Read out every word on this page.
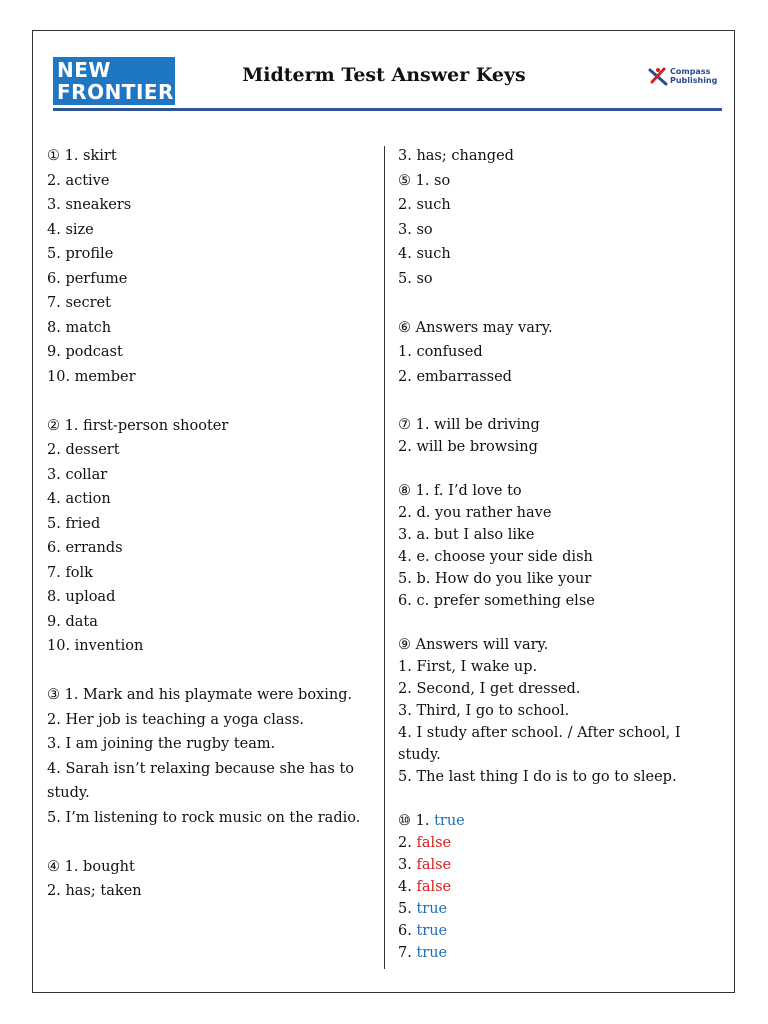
NEW
FRONTIERS
Midterm Test Answer Keys	Compass
Publishing
① 1. skirt
2. active
3. sneakers
4. size
5. profile
6. perfume
7. secret
8. match
9. podcast
10. member
② 1. first-person shooter
2. dessert
3. collar
4. action
5. fried
6. errands
7. folk
8. upload
9. data
10. invention
③ 1. Mark and his playmate were boxing.
2. Her job is teaching a yoga class.
3. I am joining the rugby team.
4. Sarah isn’t relaxing because she has to study.
5. I’m listening to rock music on the radio.
④ 1. bought
2. has; taken
3. has; changed
⑤ 1. so
2. such
3. so
4. such
5. so
⑥ Answers may vary.
1. confused
2. embarrassed
⑦ 1. will be driving
2. will be browsing
⑧ 1. f. I’d love to
2. d. you rather have
3. a. but I also like
4. e. choose your side dish
5. b. How do you like your
6. c. prefer something else
⑨ Answers will vary.
1. First, I wake up.
2. Second, I get dressed.
3. Third, I go to school.
4. I study after school. / After school, I study.
5. The last thing I do is to go to sleep.
⑩ 1. true
2. false
3. false
4. false
5. true
6. true
7. true
